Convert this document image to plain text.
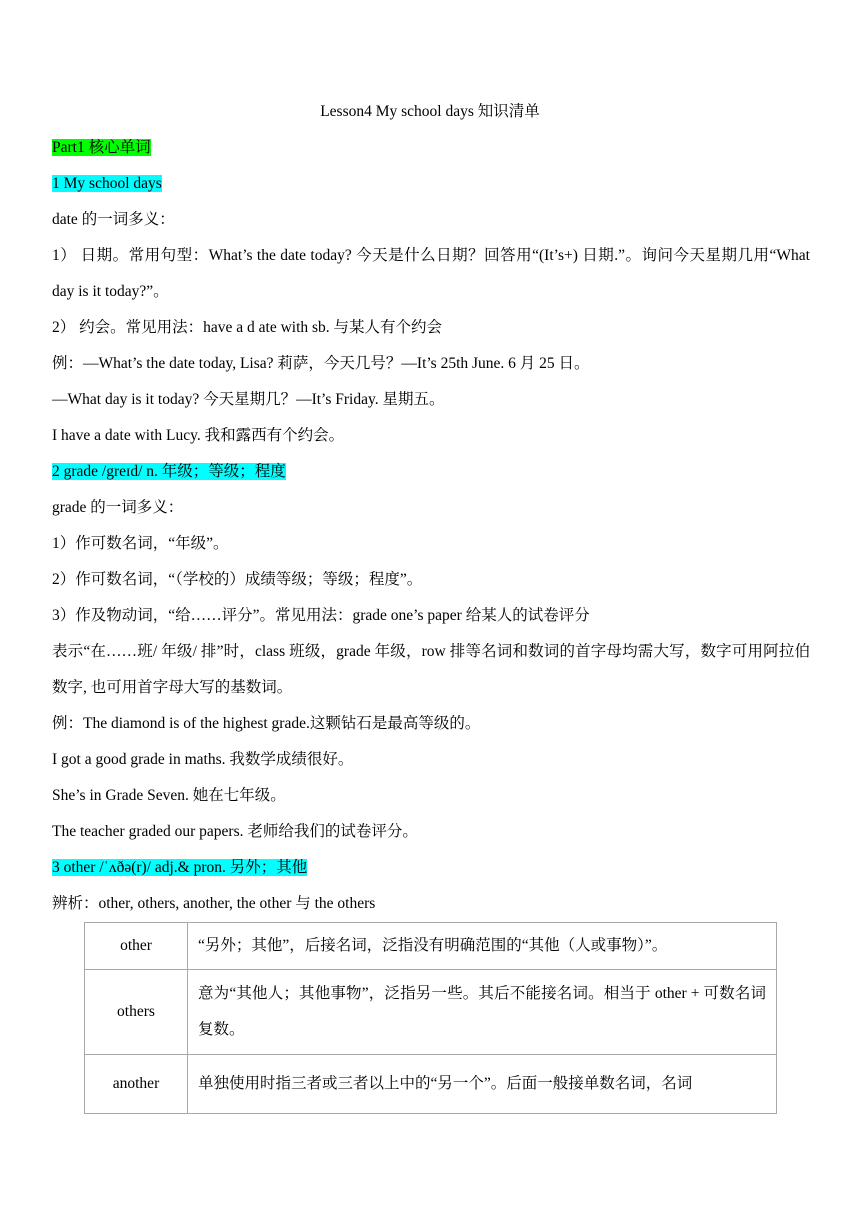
Lesson4 My school days 知识清单
Part1 核心单词
1 My school days
date 的一词多义：
1） 日期。常用句型：What’s the date today? 今天是什么日期？回答用“(It’s+) 日期.”。询问今天星期几用“What day is it today?”。
2） 约会。常见用法：have a d ate with sb. 与某人有个约会
例：—What’s the date today, Lisa? 莉萨，今天几号？—It’s 25th June. 6 月 25 日。
—What day is it today? 今天星期几？—It’s Friday. 星期五。
I have a date with Lucy. 我和露西有个约会。
2 grade /greɪd/ n. 年级；等级；程度
grade 的一词多义：
1）作可数名词，“年级”。
2）作可数名词，“（学校的）成绩等级；等级；程度”。
3）作及物动词，“给……评分”。常见用法：grade one’s paper 给某人的试卷评分
表示“在……班/ 年级/ 排”时，class 班级，grade 年级，row 排等名词和数词的首字母均需大写，数字可用阿拉伯数字, 也可用首字母大写的基数词。
例：The diamond is of the highest grade.这颗钻石是最高等级的。
I got a good grade in maths. 我数学成绩很好。
She’s in Grade Seven. 她在七年级。
The teacher graded our papers. 老师给我们的试卷评分。
3 other /ˈʌðə(r)/ adj.& pron. 另外；其他
辨析：other, others, another, the other 与 the others
other	“另外；其他”，后接名词，泛指没有明确范围的“其他（人或事物）”。
others	意为“其他人；其他事物”，泛指另一些。其后不能接名词。相当于 other + 可数名词复数。
another	单独使用时指三者或三者以上中的“另一个”。后面一般接单数名词，名词
